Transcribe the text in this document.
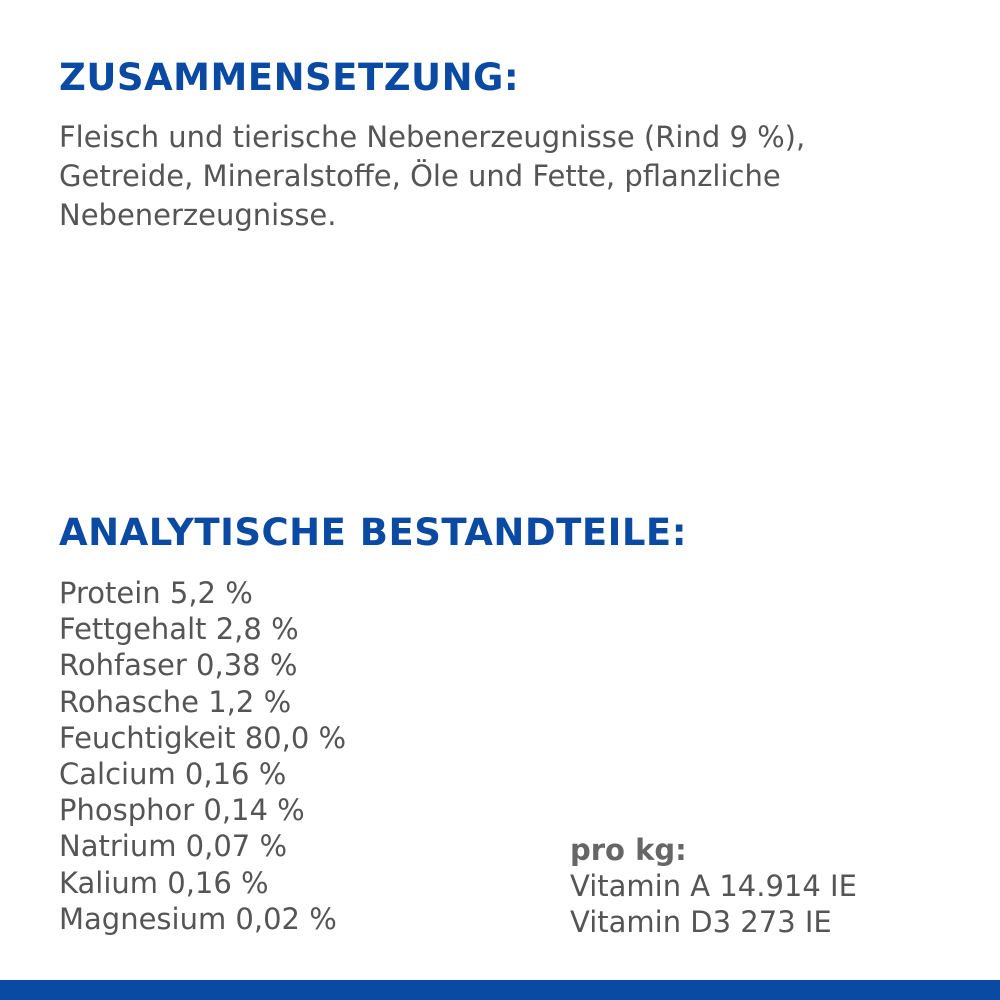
ZUSAMMENSETZUNG:

Fleisch und tierische Nebenerzeugnisse (Rind 9 %),
Getreide, Mineralstoffe, Öle und Fette, pflanzliche
Nebenerzeugnisse.

ANALYTISCHE BESTANDTEILE:
Protein 5,2 %
Fettgehalt 2,8 %
Rohfaser 0,38 %
Rohasche 1,2 %
Feuchtigkeit 80,0 %
Calcium 0,16 %
Phosphor 0,14 %
Natrium 0,07 %
Kalium 0,16 %
Magnesium 0,02 %
pro kg:
Vitamin A 14.914 IE
Vitamin D3 273 IE
